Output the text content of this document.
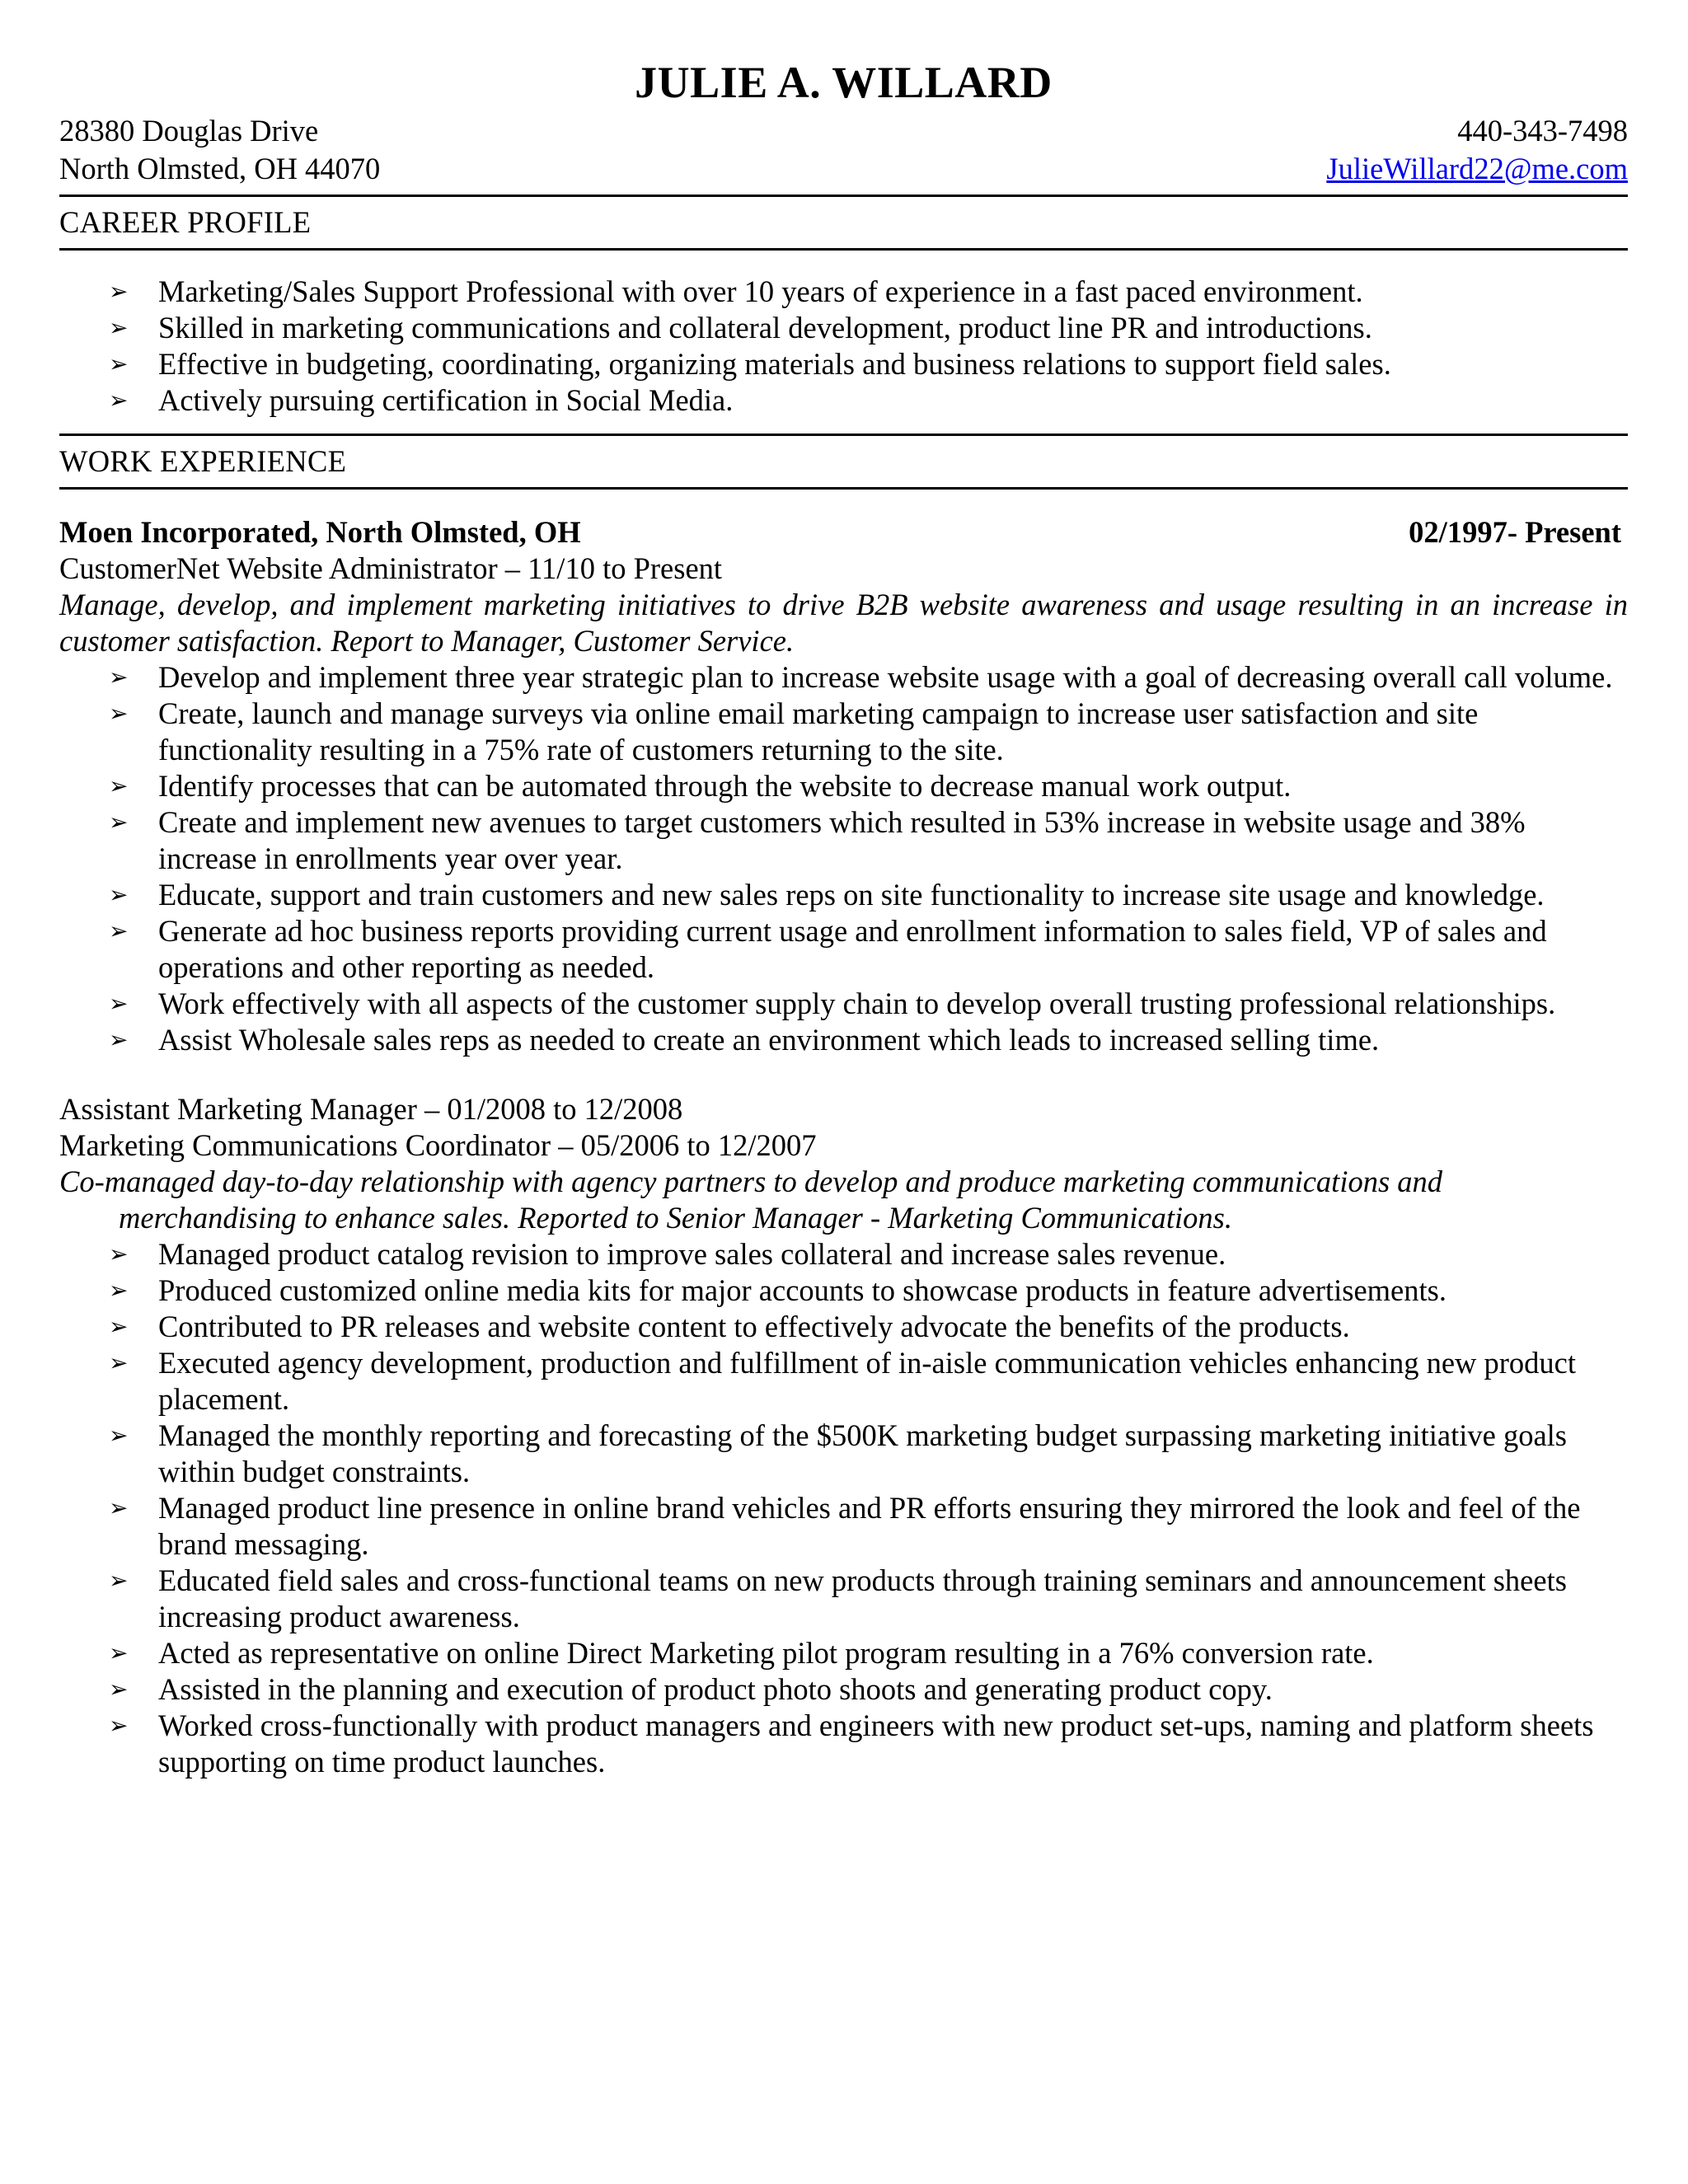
JULIE A. WILLARD
28380 Douglas Drive	440-343-7498
North Olmsted, OH 44070	JulieWillard22@me.com
CAREER PROFILE
➢ Marketing/Sales Support Professional with over 10 years of experience in a fast paced environment.
➢ Skilled in marketing communications and collateral development, product line PR and introductions.
➢ Effective in budgeting, coordinating, organizing materials and business relations to support field sales.
➢ Actively pursuing certification in Social Media.
WORK EXPERIENCE
Moen Incorporated, North Olmsted, OH	02/1997- Present
CustomerNet Website Administrator – 11/10 to Present
Manage, develop, and implement marketing initiatives to drive B2B website awareness and usage resulting in an increase in customer satisfaction. Report to Manager, Customer Service.
➢ Develop and implement three year strategic plan to increase website usage with a goal of decreasing overall call volume.
➢ Create, launch and manage surveys via online email marketing campaign to increase user satisfaction and site functionality resulting in a 75% rate of customers returning to the site.
➢ Identify processes that can be automated through the website to decrease manual work output.
➢ Create and implement new avenues to target customers which resulted in 53% increase in website usage and 38% increase in enrollments year over year.
➢ Educate, support and train customers and new sales reps on site functionality to increase site usage and knowledge.
➢ Generate ad hoc business reports providing current usage and enrollment information to sales field, VP of sales and operations and other reporting as needed.
➢ Work effectively with all aspects of the customer supply chain to develop overall trusting professional relationships.
➢ Assist Wholesale sales reps as needed to create an environment which leads to increased selling time.
Assistant Marketing Manager – 01/2008 to 12/2008
Marketing Communications Coordinator – 05/2006 to 12/2007
Co-managed day-to-day relationship with agency partners to develop and produce marketing communications and
merchandising to enhance sales. Reported to Senior Manager - Marketing Communications.
➢ Managed product catalog revision to improve sales collateral and increase sales revenue.
➢ Produced customized online media kits for major accounts to showcase products in feature advertisements.
➢ Contributed to PR releases and website content to effectively advocate the benefits of the products.
➢ Executed agency development, production and fulfillment of in-aisle communication vehicles enhancing new product placement.
➢ Managed the monthly reporting and forecasting of the $500K marketing budget surpassing marketing initiative goals within budget constraints.
➢ Managed product line presence in online brand vehicles and PR efforts ensuring they mirrored the look and feel of the brand messaging.
➢ Educated field sales and cross-functional teams on new products through training seminars and announcement sheets increasing product awareness.
➢ Acted as representative on online Direct Marketing pilot program resulting in a 76% conversion rate.
➢ Assisted in the planning and execution of product photo shoots and generating product copy.
➢ Worked cross-functionally with product managers and engineers with new product set-ups, naming and platform sheets supporting on time product launches.
